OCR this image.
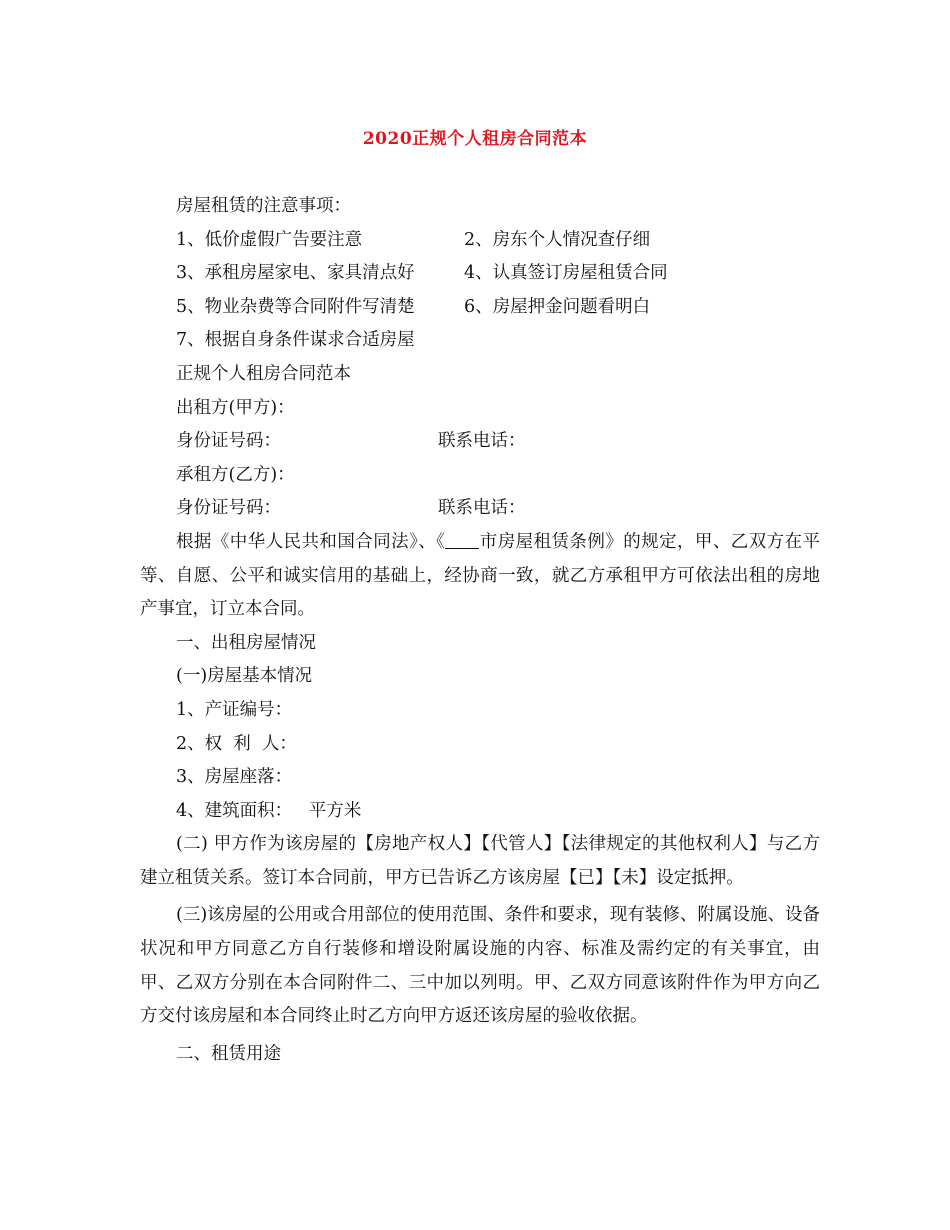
2020正规个人租房合同范本
房屋租赁的注意事项：
1、低价虚假广告要注意	2、房东个人情况查仔细
3、承租房屋家电、家具清点好	4、认真签订房屋租赁合同
5、物业杂费等合同附件写清楚	6、房屋押金问题看明白
7、根据自身条件谋求合适房屋
正规个人租房合同范本
出租方(甲方)：
身份证号码：	联系电话：
承租方(乙方)：
身份证号码：	联系电话：
根据《中华人民共和国合同法》、《 市房屋租赁条例》的规定，甲、乙双方在平等、自愿、公平和诚实信用的基础上，经协商一致，就乙方承租甲方可依法出租的房地产事宜，订立本合同。
一、出租房屋情况
(一)房屋基本情况
1、产证编号：
2、权  利  人：
3、房屋座落：
4、建筑面积：   平方米
(二) 甲方作为该房屋的【房地产权人】【代管人】【法律规定的其他权利人】与乙方建立租赁关系。签订本合同前，甲方已告诉乙方该房屋【已】【未】设定抵押。
(三)该房屋的公用或合用部位的使用范围、条件和要求，现有装修、附属设施、设备状况和甲方同意乙方自行装修和增设附属设施的内容、标准及需约定的有关事宜，由甲、乙双方分别在本合同附件二、三中加以列明。甲、乙双方同意该附件作为甲方向乙方交付该房屋和本合同终止时乙方向甲方返还该房屋的验收依据。
二、租赁用途
